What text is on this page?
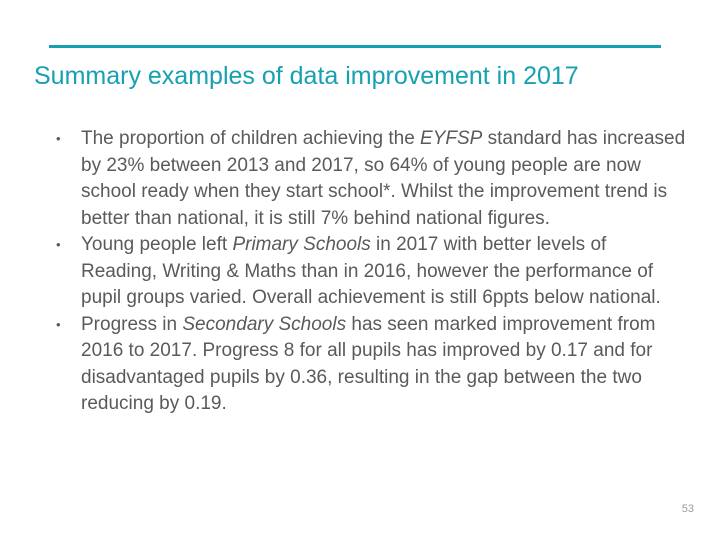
Summary examples of data improvement in 2017
•	The proportion of children achieving the EYFSP standard has increased by 23% between 2013 and 2017, so 64% of young people are now school ready when they start school*. Whilst the improvement trend is better than national, it is still 7% behind national figures.
•	Young people left Primary Schools in 2017 with better levels of Reading, Writing & Maths than in 2016, however the performance of pupil groups varied. Overall achievement is still 6ppts below national.
•	Progress in Secondary Schools has seen marked improvement from 2016 to 2017. Progress 8 for all pupils has improved by 0.17 and for disadvantaged pupils by 0.36, resulting in the gap between the two reducing by 0.19.
53
